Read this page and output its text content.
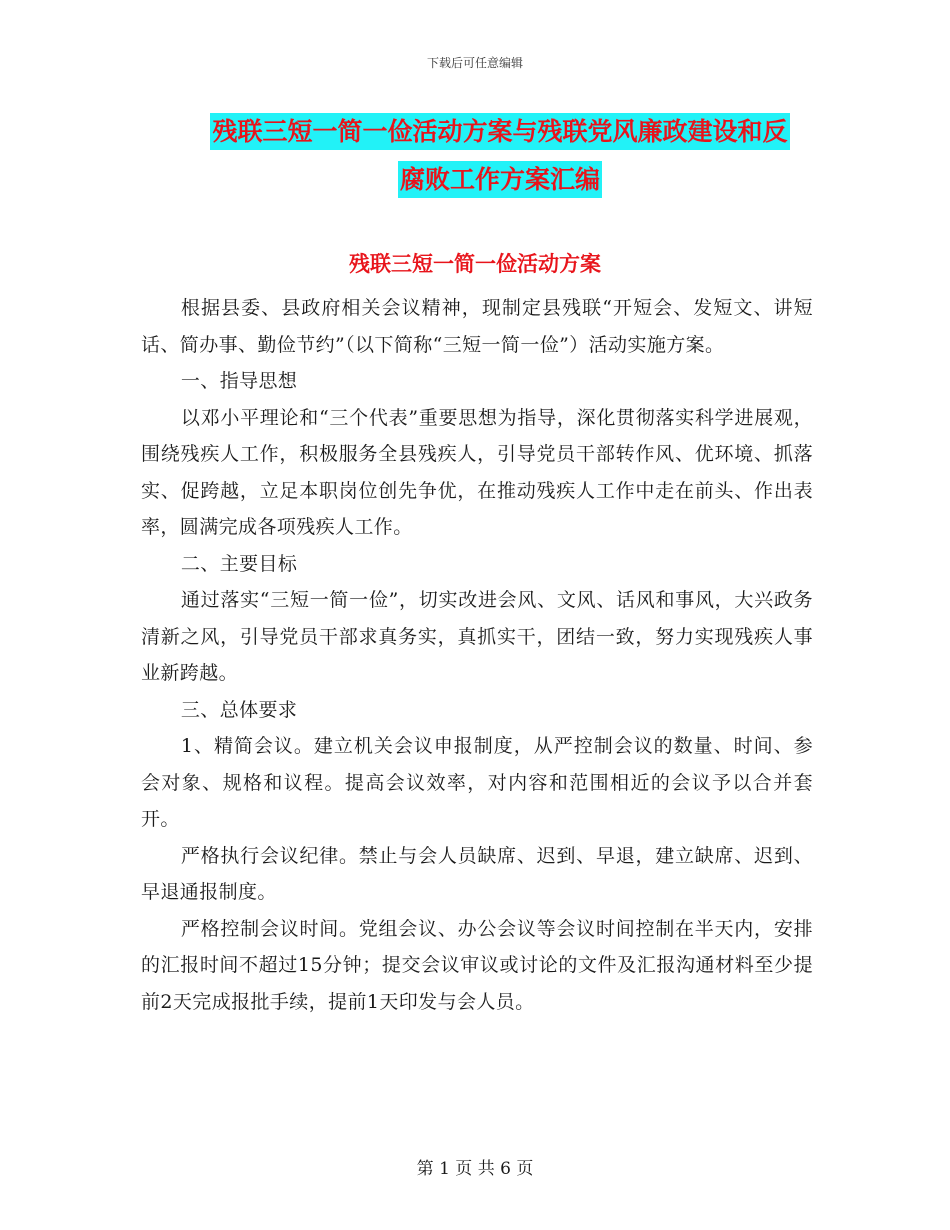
下载后可任意编辑
残联三短一简一俭活动方案与残联党风廉政建设和反
腐败工作方案汇编
残联三短一简一俭活动方案

根据县委、县政府相关会议精神，现制定县残联“开短会、发短文、讲短话、简办事、勤俭节约”（以下简称“三短一简一俭”）活动实施方案。

一、指导思想

以邓小平理论和“三个代表”重要思想为指导，深化贯彻落实科学进展观，围绕残疾人工作，积极服务全县残疾人，引导党员干部转作风、优环境、抓落实、促跨越，立足本职岗位创先争优，在推动残疾人工作中走在前头、作出表率，圆满完成各项残疾人工作。

二、主要目标

通过落实“三短一简一俭”，切实改进会风、文风、话风和事风，大兴政务清新之风，引导党员干部求真务实，真抓实干，团结一致，努力实现残疾人事业新跨越。

三、总体要求

1、精简会议。建立机关会议申报制度，从严控制会议的数量、时间、参会对象、规格和议程。提高会议效率，对内容和范围相近的会议予以合并套开。

严格执行会议纪律。禁止与会人员缺席、迟到、早退，建立缺席、迟到、早退通报制度。

严格控制会议时间。党组会议、办公会议等会议时间控制在半天内，安排的汇报时间不超过15分钟；提交会议审议或讨论的文件及汇报沟通材料至少提前2天完成报批手续，提前1天印发与会人员。

第 1 页 共 6 页
